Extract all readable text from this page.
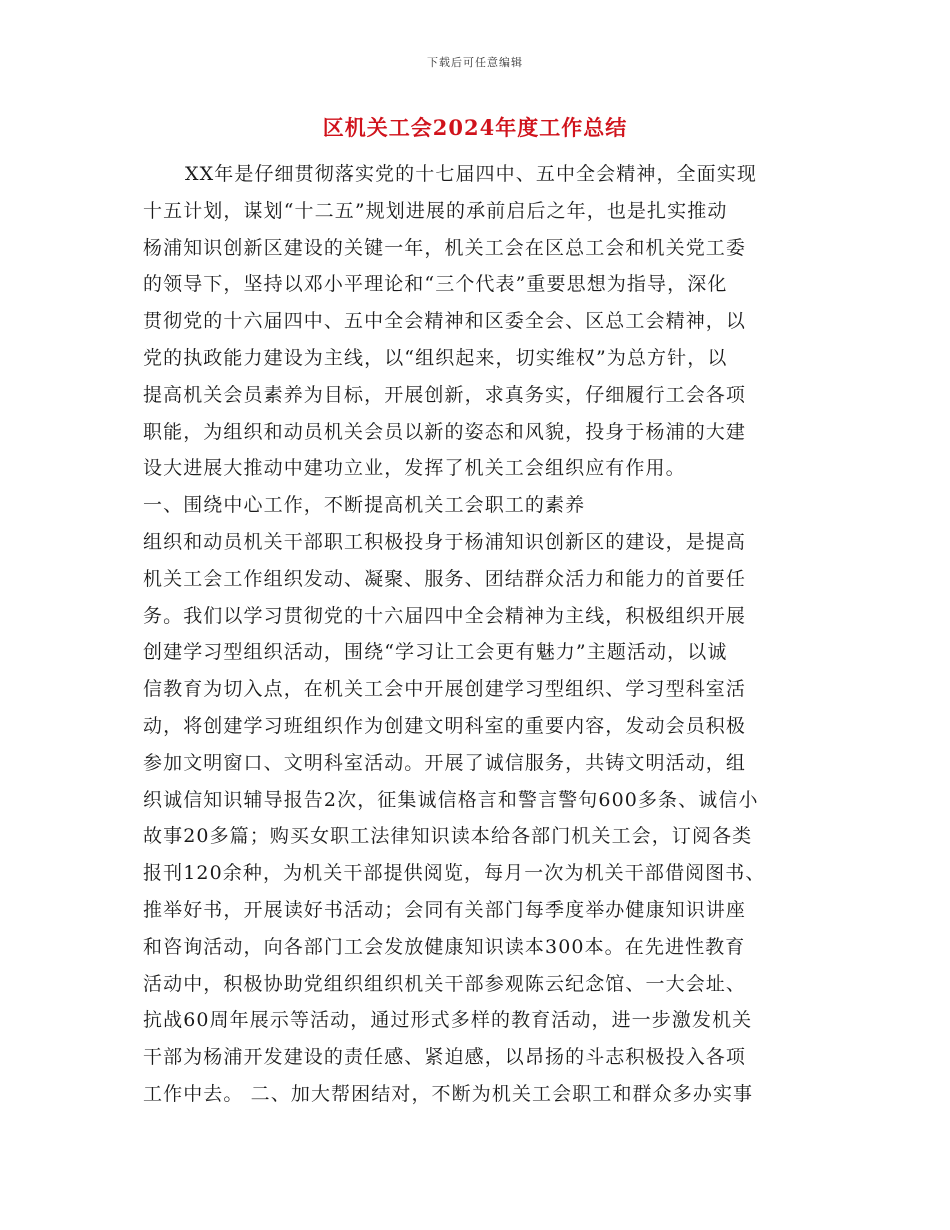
下载后可任意编辑
区机关工会2024年度工作总结
XX年是仔细贯彻落实党的十七届四中、五中全会精神，全面实现
十五计划，谋划“十二五”规划进展的承前启后之年，也是扎实推动
杨浦知识创新区建设的关键一年，机关工会在区总工会和机关党工委
的领导下，坚持以邓小平理论和“三个代表”重要思想为指导，深化
贯彻党的十六届四中、五中全会精神和区委全会、区总工会精神，以
党的执政能力建设为主线，以“组织起来，切实维权”为总方针，以
提高机关会员素养为目标，开展创新，求真务实，仔细履行工会各项
职能，为组织和动员机关会员以新的姿态和风貌，投身于杨浦的大建
设大进展大推动中建功立业，发挥了机关工会组织应有作用。
一、围绕中心工作，不断提高机关工会职工的素养
组织和动员机关干部职工积极投身于杨浦知识创新区的建设，是提高
机关工会工作组织发动、凝聚、服务、团结群众活力和能力的首要任
务。我们以学习贯彻党的十六届四中全会精神为主线，积极组织开展
创建学习型组织活动，围绕“学习让工会更有魅力”主题活动，以诚
信教育为切入点，在机关工会中开展创建学习型组织、学习型科室活
动，将创建学习班组织作为创建文明科室的重要内容，发动会员积极
参加文明窗口、文明科室活动。开展了诚信服务，共铸文明活动，组
织诚信知识辅导报告2次，征集诚信格言和警言警句600多条、诚信小
故事20多篇；购买女职工法律知识读本给各部门机关工会，订阅各类
报刊120余种，为机关干部提供阅览，每月一次为机关干部借阅图书、
推举好书，开展读好书活动；会同有关部门每季度举办健康知识讲座
和咨询活动，向各部门工会发放健康知识读本300本。在先进性教育
活动中，积极协助党组织组织机关干部参观陈云纪念馆、一大会址、
抗战60周年展示等活动，通过形式多样的教育活动，进一步激发机关
干部为杨浦开发建设的责任感、紧迫感，以昂扬的斗志积极投入各项
工作中去。 二、加大帮困结对，不断为机关工会职工和群众多办实事
